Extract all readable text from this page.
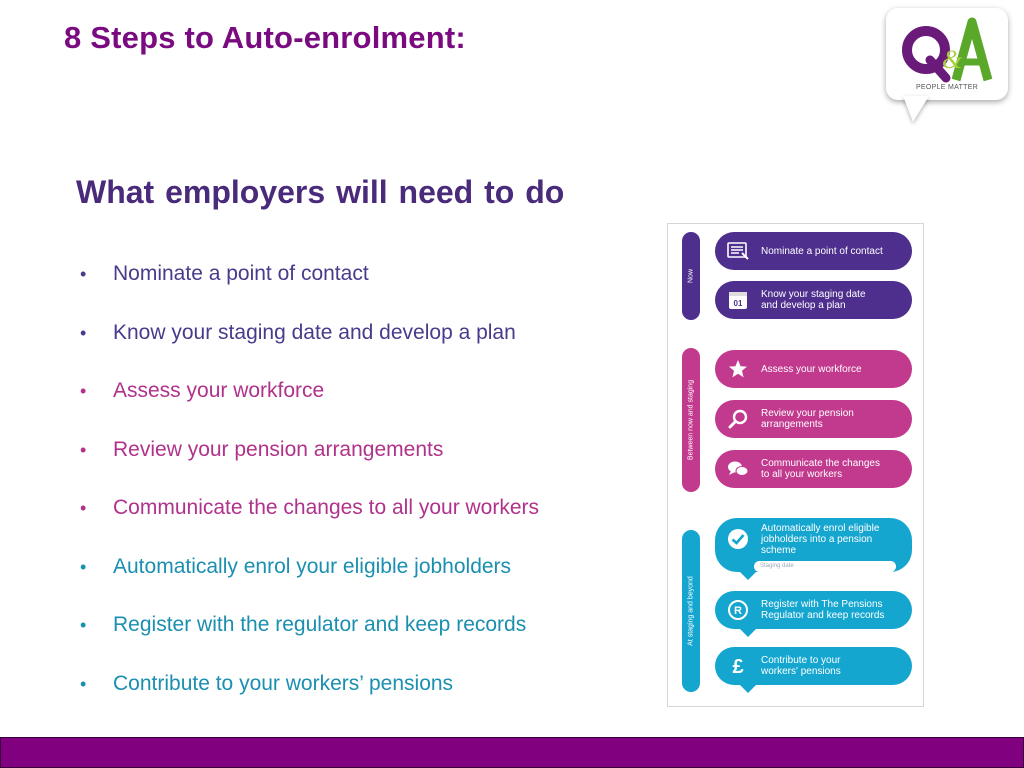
8 Steps to Auto-enrolment:
&
PEOPLE MATTER
What employers will need to do
•	Nominate a point of contact
•	Know your staging date and develop a plan
•	Assess your workforce
•	Review your pension arrangements
•	Communicate the changes to all your workers
•	Automatically enrol your eligible jobholders
•	Register with the regulator and keep records
•	Contribute to your workers’ pensions
Now
Between now and staging
At staging and beyond
Nominate a point of contact
01
Know your staging date
and develop a plan
Assess your workforce
Review your pension
arrangements
Communicate the changes
to all your workers
Automatically enrol eligible
jobholders into a pension
scheme
Staging date
R
Register with The Pensions
Regulator and keep records
£ Contribute to your
workers' pensions
